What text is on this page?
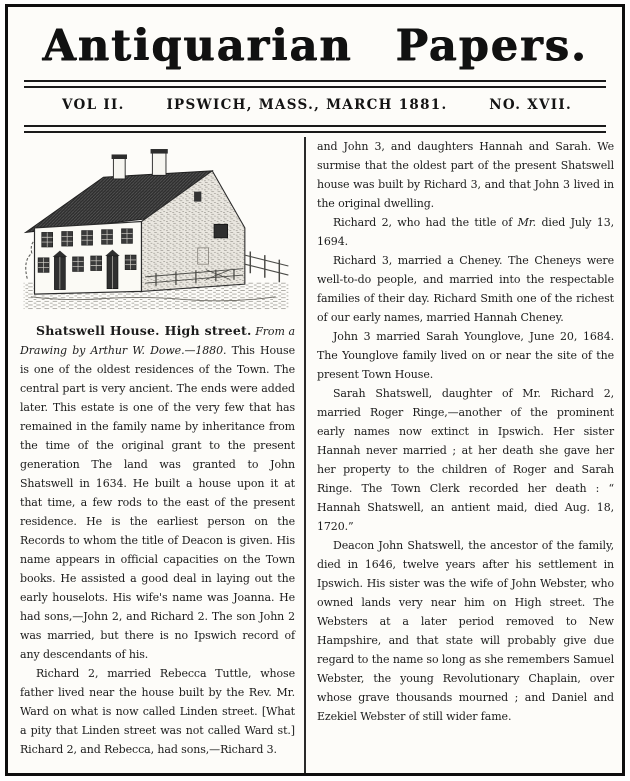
Antiquarian Papers.
VOL II.	IPSWICH, MASS., MARCH 1881.	NO. XVII.

Shatswell House. High street. From a Drawing by Arthur W. Dowe.—1880. This House is one of the oldest residences of the Town. The central part is very ancient. The ends were added later. This estate is one of the very few that has remained in the family name by inheritance from the time of the original grant to the present generation The land was granted to John Shatswell in 1634. He built a house upon it at that time, a few rods to the east of the present residence. He is the earliest person on the Records to whom the title of Deacon is given. His name appears in official capacities on the Town books. He assisted a good deal in laying out the early houselots. His wife's name was Joanna. He had sons,—John 2, and Richard 2. The son John 2 was married, but there is no Ipswich record of any descendants of his.

Richard 2, married Rebecca Tuttle, whose father lived near the house built by the Rev. Mr. Ward on what is now called Linden street. [What a pity that Linden street was not called Ward st.] Richard 2, and Rebecca, had sons,—Richard 3.

and John 3, and daughters Hannah and Sarah. We surmise that the oldest part of the present Shatswell house was built by Richard 3, and that John 3 lived in the original dwelling.

Richard 2, who had the title of Mr. died July 13, 1694.

Richard 3, married a Cheney. The Cheneys were well-to-do people, and married into the respectable families of their day. Richard Smith one of the richest of our early names, married Hannah Cheney.

John 3 married Sarah Younglove, June 20, 1684. The Younglove family lived on or near the site of the present Town House.

Sarah Shatswell, daughter of Mr. Richard 2, married Roger Ringe,—another of the prominent early names now extinct in Ipswich. Her sister Hannah never married ; at her death she gave her her property to the children of Roger and Sarah Ringe. The Town Clerk recorded her death : “ Hannah Shatswell, an antient maid, died Aug. 18, 1720.”

Deacon John Shatswell, the ancestor of the family, died in 1646, twelve years after his settlement in Ipswich. His sister was the wife of John Webster, who owned lands very near him on High street. The Websters at a later period removed to New Hampshire, and that state will probably give due regard to the name so long as she remembers Samuel Webster, the young Revolutionary Chaplain, over whose grave thousands mourned ; and Daniel and Ezekiel Webster of still wider fame.
